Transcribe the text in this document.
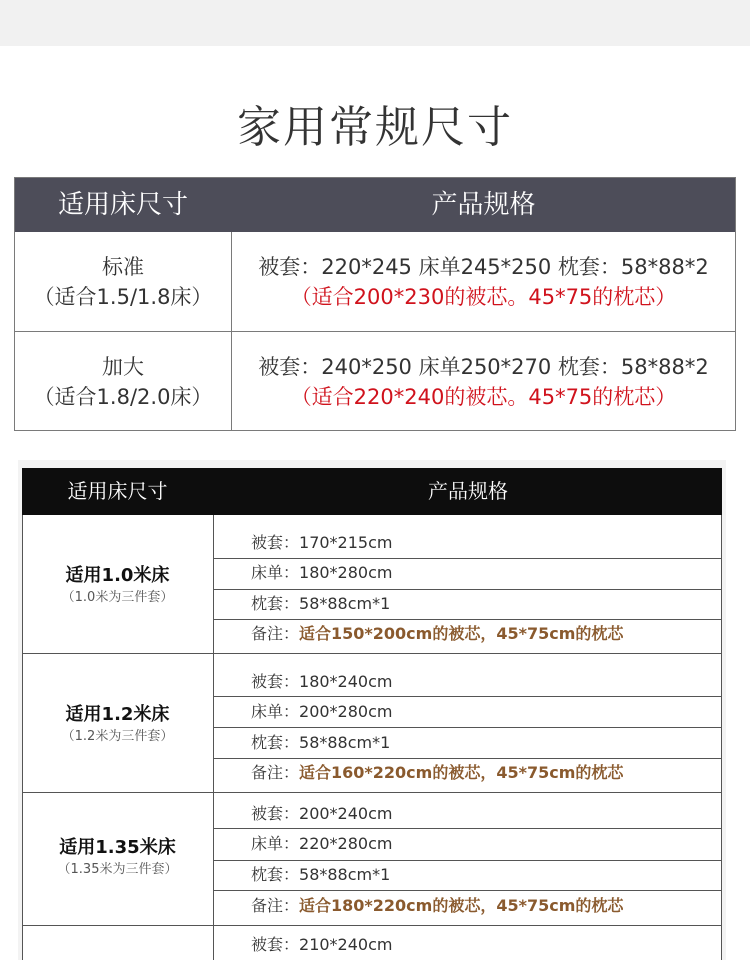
家用常规尺寸
适用床尺寸	产品规格
标准
（适合1.5/1.8床）
被套：220*245 床单245*250 枕套：58*88*2
（适合200*230的被芯。45*75的枕芯）
加大
（适合1.8/2.0床）
被套：240*250 床单250*270 枕套：58*88*2
（适合220*240的被芯。45*75的枕芯）
适用床尺寸	产品规格
适用1.0米床
（1.0米为三件套）
被套：170*215cm
床单：180*280cm
枕套：58*88cm*1
备注：适合150*200cm的被芯，45*75cm的枕芯
适用1.2米床
（1.2米为三件套）
被套：180*240cm
床单：200*280cm
枕套：58*88cm*1
备注：适合160*220cm的被芯，45*75cm的枕芯
适用1.35米床
（1.35米为三件套）
被套：200*240cm
床单：220*280cm
枕套：58*88cm*1
备注：适合180*220cm的被芯，45*75cm的枕芯
被套：210*240cm
